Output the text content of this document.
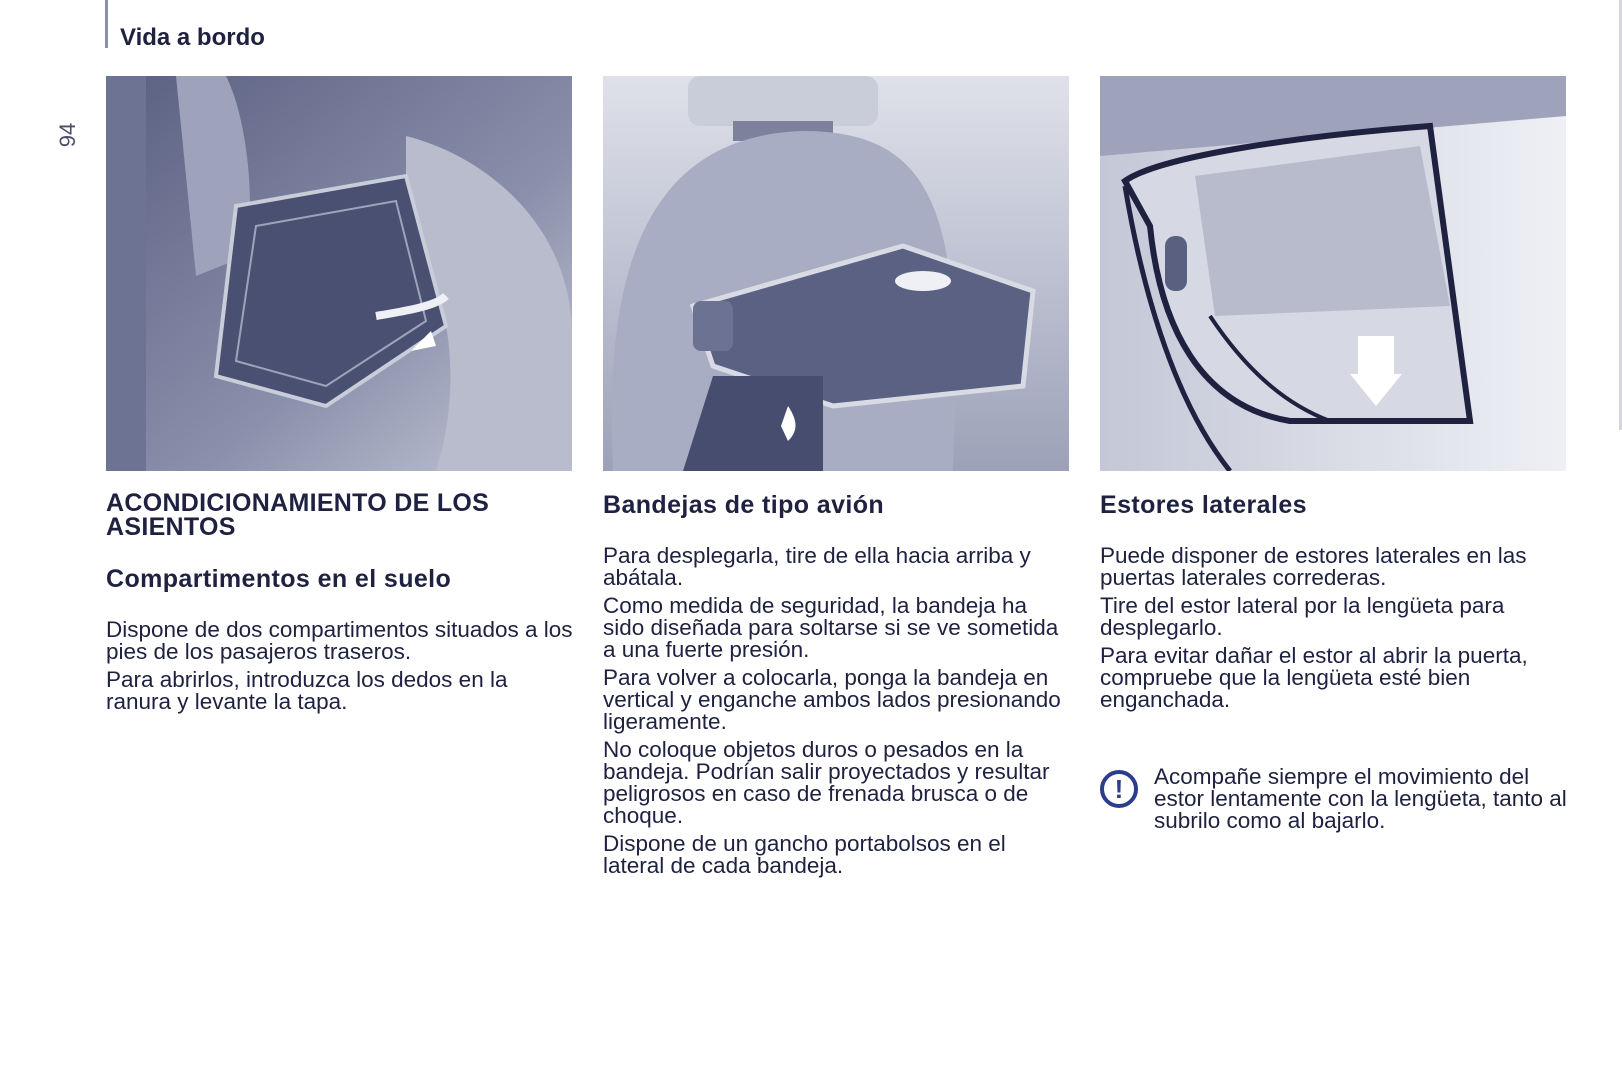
Vida a bordo
94
ACONDICIONAMIENTO DE LOS ASIENTOS
Compartimentos en el suelo

Dispone de dos compartimentos situados a los pies de los pasajeros traseros.

Para abrirlos, introduzca los dedos en la ranura y levante la tapa.

Bandejas de tipo avión

Para desplegarla, tire de ella hacia arriba y abátala.

Como medida de seguridad, la bandeja ha sido diseñada para soltarse si se ve sometida a una fuerte presión.

Para volver a colocarla, ponga la bandeja en vertical y enganche ambos lados presionando ligeramente.

No coloque objetos duros o pesados en la bandeja. Podrían salir proyectados y resultar peligrosos en caso de frenada brusca o de choque.

Dispone de un gancho portabolsos en el lateral de cada bandeja.

Estores laterales

Puede disponer de estores laterales en las puertas laterales correderas.

Tire del estor lateral por la lengüeta para desplegarlo.

Para evitar dañar el estor al abrir la puerta, compruebe que la lengüeta esté bien enganchada.

!	Acompañe siempre el movimiento del estor lentamente con la lengüeta, tanto al subrilo como al bajarlo.
